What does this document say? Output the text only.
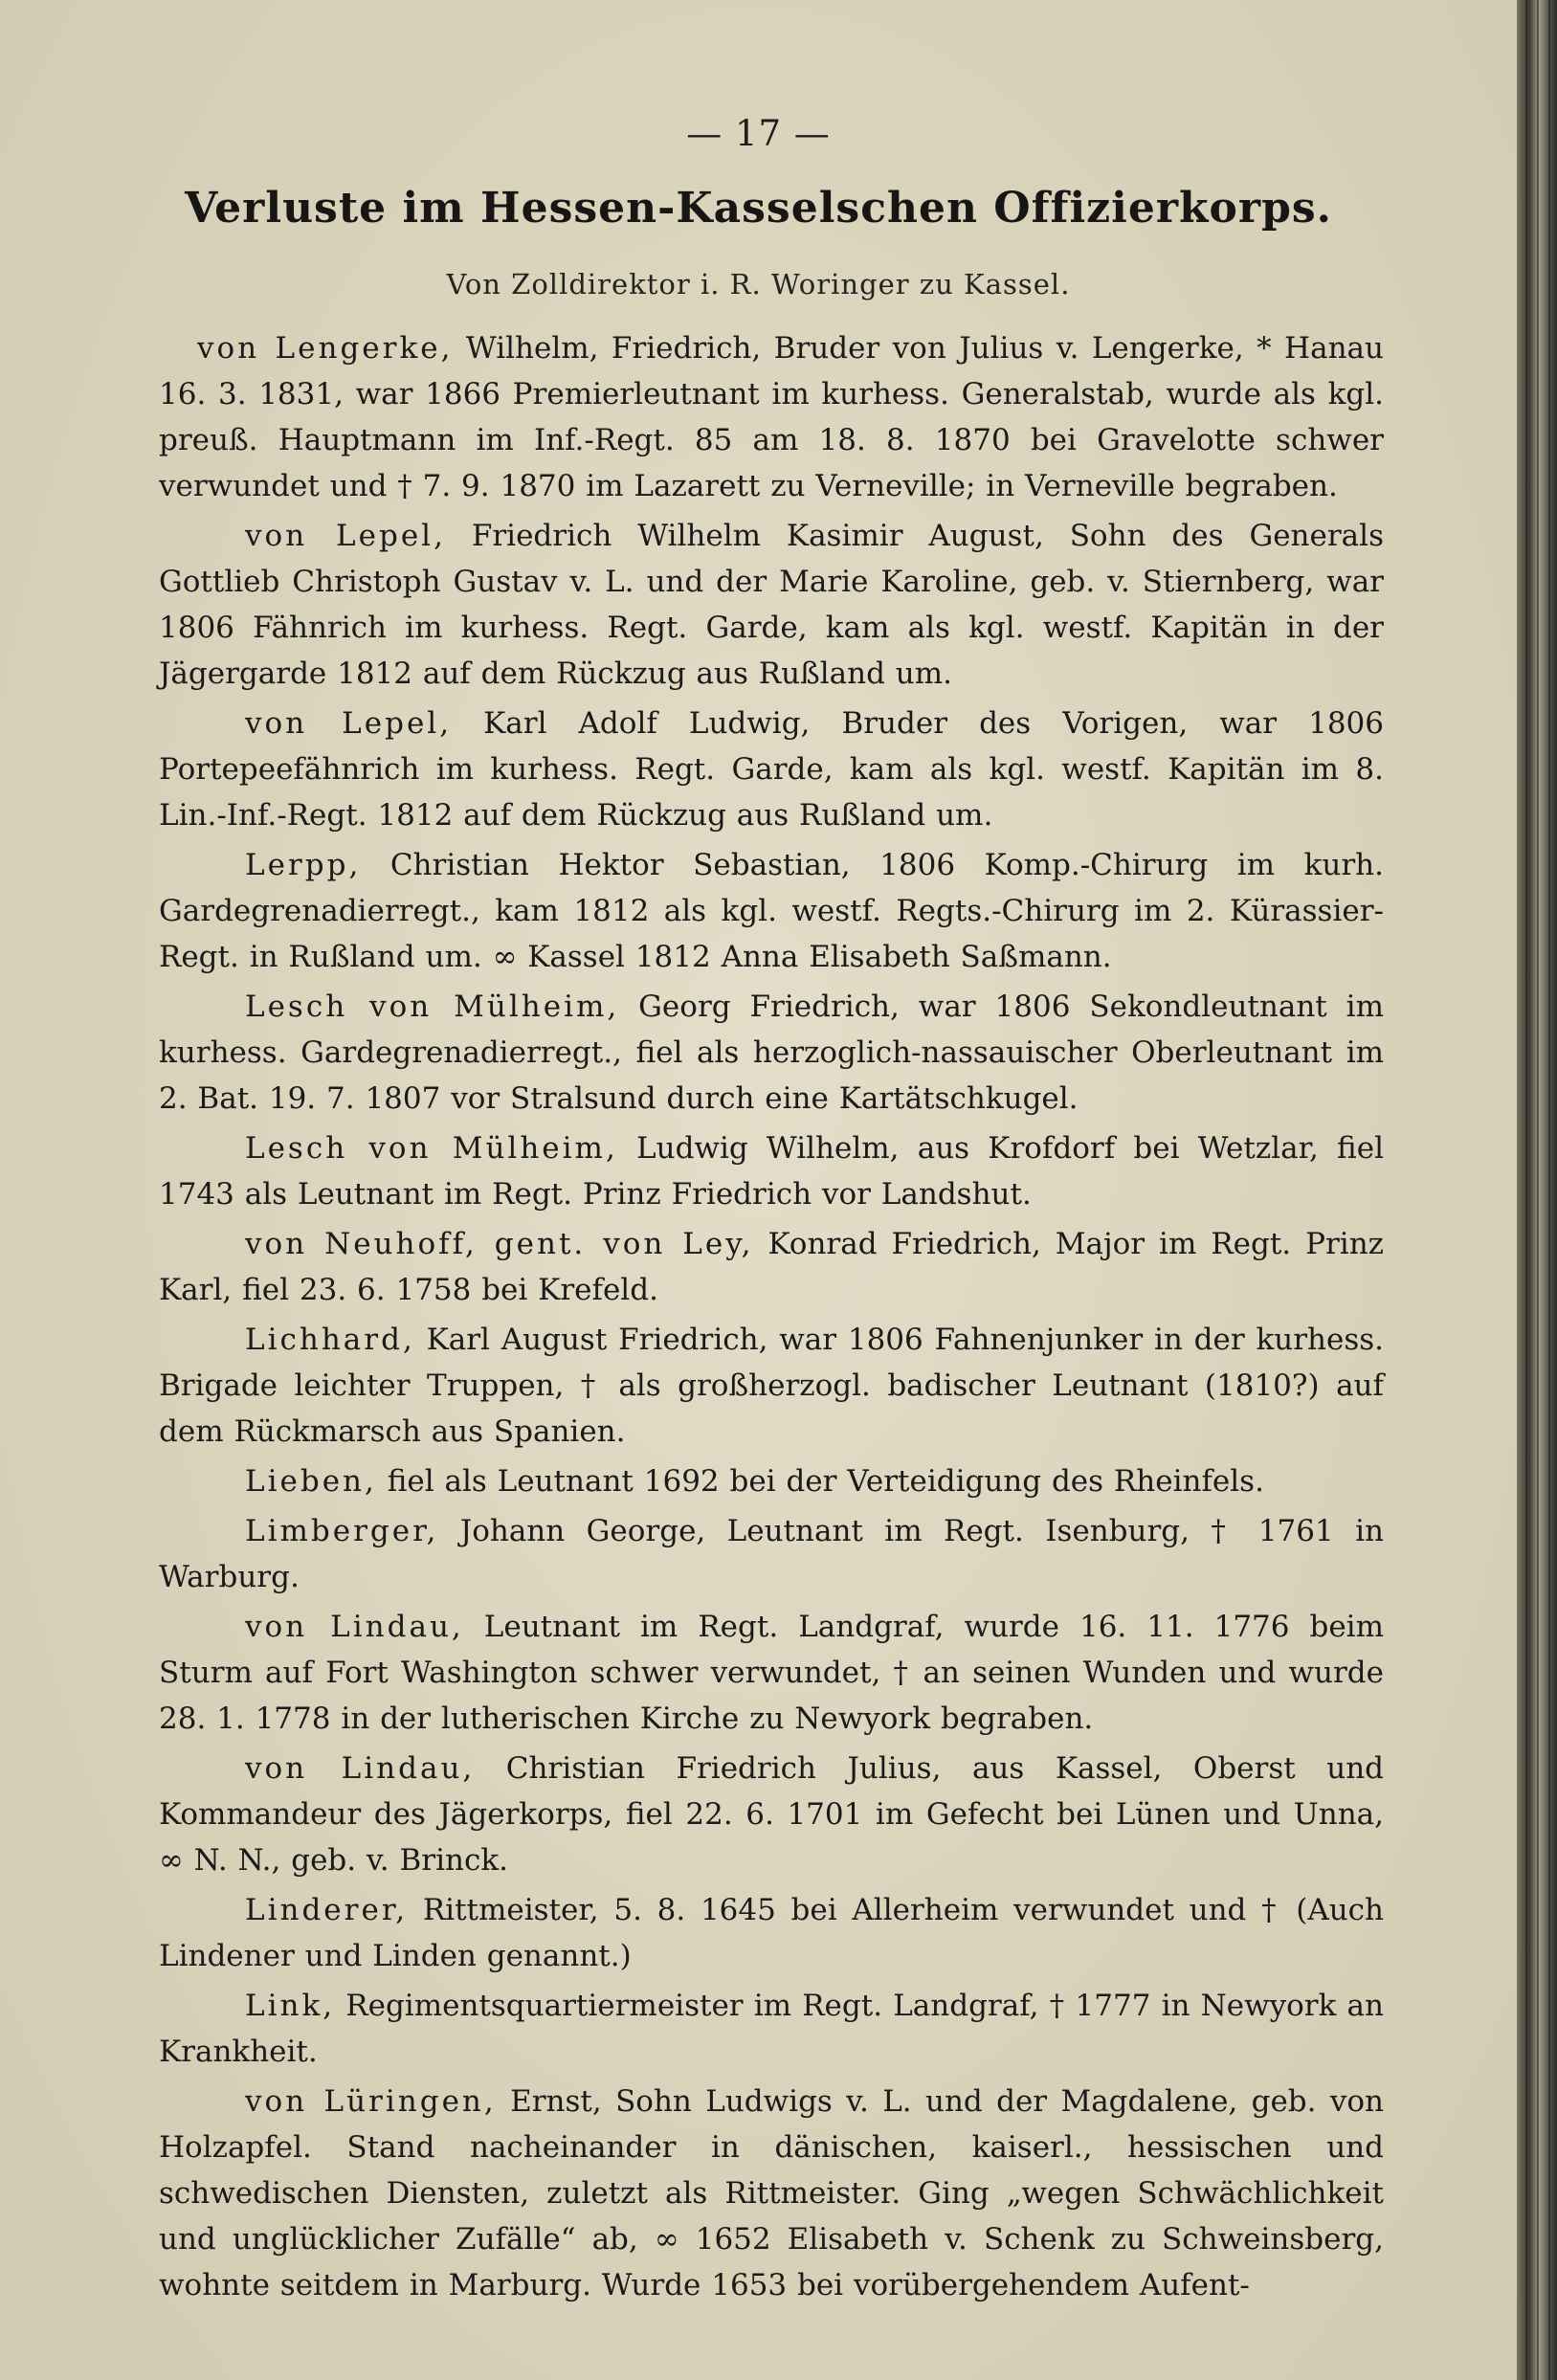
— 17 —
Verluste im Hessen-Kasselschen Offizierkorps.
Von Zolldirektor i. R. Woringer zu Kassel.

von Lengerke, Wilhelm, Friedrich, Bruder von Julius v. Lengerke, * Hanau 16. 3. 1831, war 1866 Premierleutnant im kurhess. Generalstab, wurde als kgl. preuß. Hauptmann im Inf.-Regt. 85 am 18. 8. 1870 bei Gravelotte schwer verwundet und † 7. 9. 1870 im Lazarett zu Verneville; in Verneville begraben.

von Lepel, Friedrich Wilhelm Kasimir August, Sohn des Generals Gottlieb Christoph Gustav v. L. und der Marie Karoline, geb. v. Stiernberg, war 1806 Fähnrich im kurhess. Regt. Garde, kam als kgl. westf. Kapitän in der Jägergarde 1812 auf dem Rückzug aus Rußland um.

von Lepel, Karl Adolf Ludwig, Bruder des Vorigen, war 1806 Portepeefähnrich im kurhess. Regt. Garde, kam als kgl. westf. Kapitän im 8. Lin.-Inf.-Regt. 1812 auf dem Rückzug aus Rußland um.

Lerpp, Christian Hektor Sebastian, 1806 Komp.-Chirurg im kurh. Gardegrenadierregt., kam 1812 als kgl. westf. Regts.-Chirurg im 2. Kürassier-Regt. in Rußland um. ∞ Kassel 1812 Anna Elisabeth Saßmann.

Lesch von Mülheim, Georg Friedrich, war 1806 Sekondleutnant im kurhess. Gardegrenadierregt., fiel als herzoglich-nassauischer Oberleutnant im 2. Bat. 19. 7. 1807 vor Stralsund durch eine Kartätschkugel.

Lesch von Mülheim, Ludwig Wilhelm, aus Krofdorf bei Wetzlar, fiel 1743 als Leutnant im Regt. Prinz Friedrich vor Landshut.

von Neuhoff, gent. von Ley, Konrad Friedrich, Major im Regt. Prinz Karl, fiel 23. 6. 1758 bei Krefeld.

Lichhard, Karl August Friedrich, war 1806 Fahnenjunker in der kurhess. Brigade leichter Truppen, † als großherzogl. badischer Leutnant (1810?) auf dem Rückmarsch aus Spanien.

Lieben, fiel als Leutnant 1692 bei der Verteidigung des Rheinfels.

Limberger, Johann George, Leutnant im Regt. Isenburg, † 1761 in Warburg.

von Lindau, Leutnant im Regt. Landgraf, wurde 16. 11. 1776 beim Sturm auf Fort Washington schwer verwundet, † an seinen Wunden und wurde 28. 1. 1778 in der lutherischen Kirche zu Newyork begraben.

von Lindau, Christian Friedrich Julius, aus Kassel, Oberst und Kommandeur des Jägerkorps, fiel 22. 6. 1701 im Gefecht bei Lünen und Unna, ∞ N. N., geb. v. Brinck.

Linderer, Rittmeister, 5. 8. 1645 bei Allerheim verwundet und † (Auch Lindener und Linden genannt.)

Link, Regimentsquartiermeister im Regt. Landgraf, † 1777 in Newyork an Krankheit.

von Lüringen, Ernst, Sohn Ludwigs v. L. und der Magdalene, geb. von Holzapfel. Stand nacheinander in dänischen, kaiserl., hessischen und schwedischen Diensten, zuletzt als Rittmeister. Ging „wegen Schwächlichkeit und unglücklicher Zufälle“ ab, ∞ 1652 Elisabeth v. Schenk zu Schweinsberg, wohnte seitdem in Marburg. Wurde 1653 bei vorübergehendem Aufent-
